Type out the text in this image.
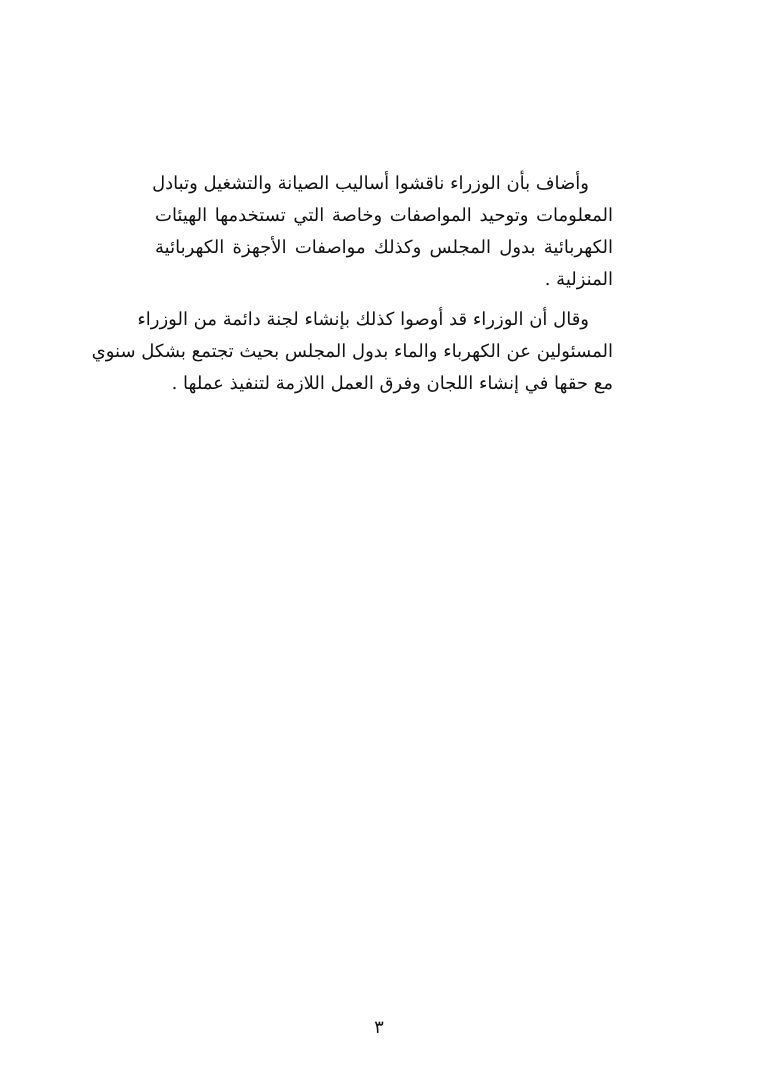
وأضاف بأن الوزراء ناقشوا أساليب الصيانة والتشغيل وتبادل
المعلومات وتوحيد المواصفات وخاصة التي تستخدمها الهيئات
الكهربائية بدول المجلس وكذلك مواصفات الأجهزة الكهربائية
المنزلية .
وقال أن الوزراء قد أوصوا كذلك بإنشاء لجنة دائمة من الوزراء
المسئولين عن الكهرباء والماء بدول المجلس بحيث تجتمع بشكل سنوي
مع حقها في إنشاء اللجان وفرق العمل اللازمة لتنفيذ عملها .
٣
